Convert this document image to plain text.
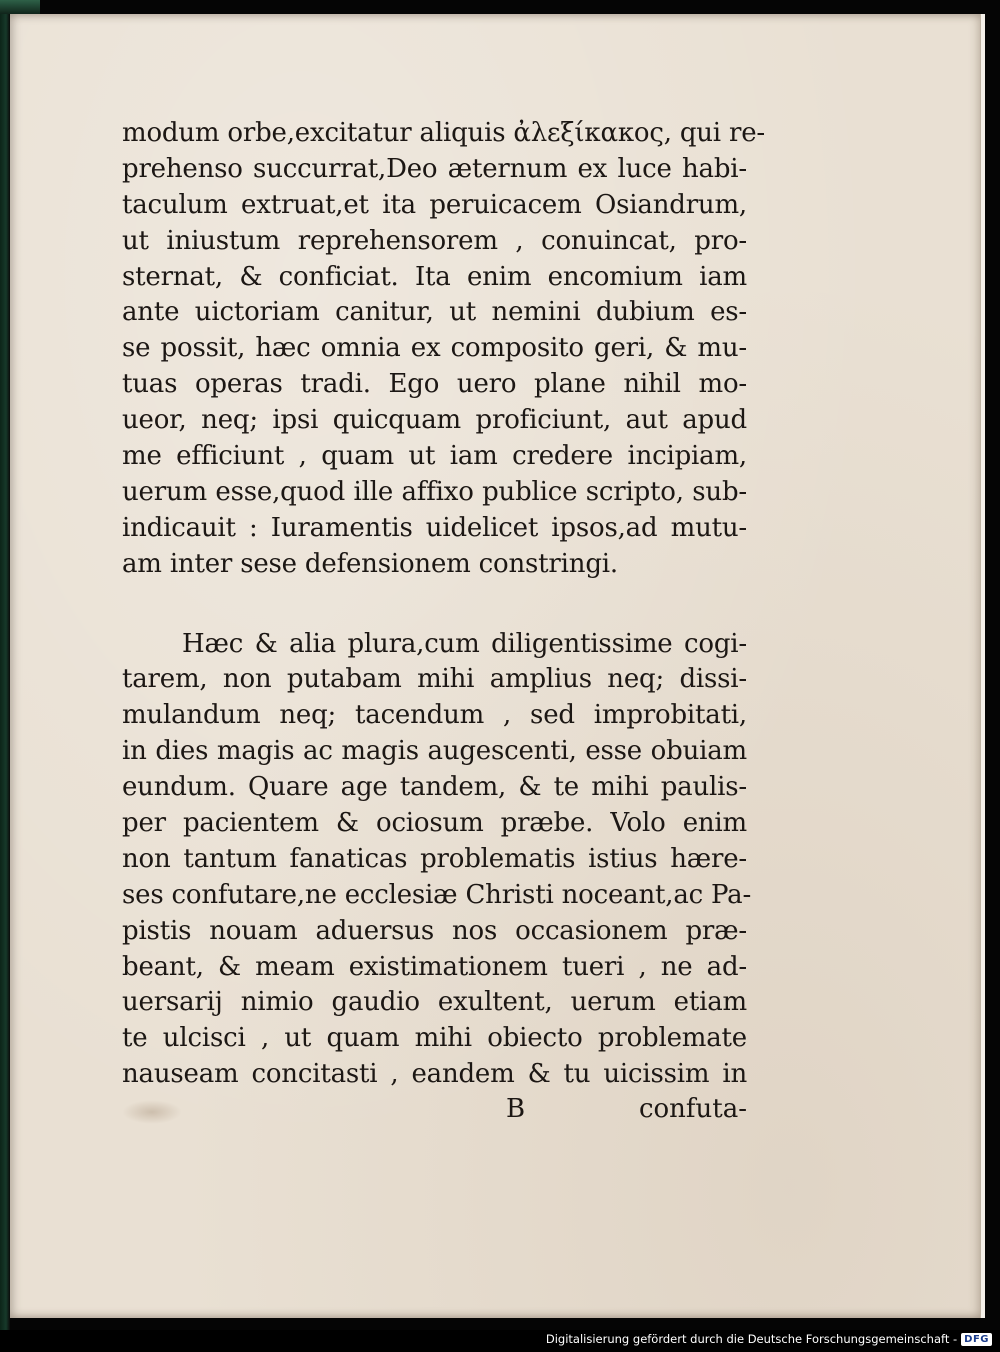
modum orbe,excitatur aliquis ἀλεξίκακος, qui re-
prehenso succurrat,Deo æternum ex luce habi-
taculum extruat,et ita peruicacem Osiandrum,
ut iniustum reprehensorem , conuincat, pro-
sternat, & conficiat. Ita enim encomium iam
ante uictoriam canitur, ut nemini dubium es-
se possit, hæc omnia ex composito geri, & mu-
tuas operas tradi. Ego uero plane nihil mo-
ueor, neq; ipsi quicquam proficiunt, aut apud
me efficiunt , quam ut iam credere incipiam,
uerum esse,quod ille affixo publice scripto, sub-
indicauit : Iuramentis uidelicet ipsos,ad mutu-
am inter sese defensionem constringi.
Hæc & alia plura,cum diligentissime cogi-
tarem, non putabam mihi amplius neq; dissi-
mulandum neq; tacendum , sed improbitati,
in dies magis ac magis augescenti, esse obuiam
eundum. Quare age tandem, & te mihi paulis-
per pacientem & ociosum præbe. Volo enim
non tantum fanaticas problematis istius hære-
ses confutare,ne ecclesiæ Christi noceant,ac Pa-
pistis nouam aduersus nos occasionem præ-
beant, & meam existimationem tueri , ne ad-
uersarij nimio gaudio exultent, uerum etiam
te ulcisci , ut quam mihi obiecto problemate
nauseam concitasti , eandem & tu uicissim in
B	confuta-
Digitalisierung gefördert durch die Deutsche Forschungsgemeinschaft - DFG
